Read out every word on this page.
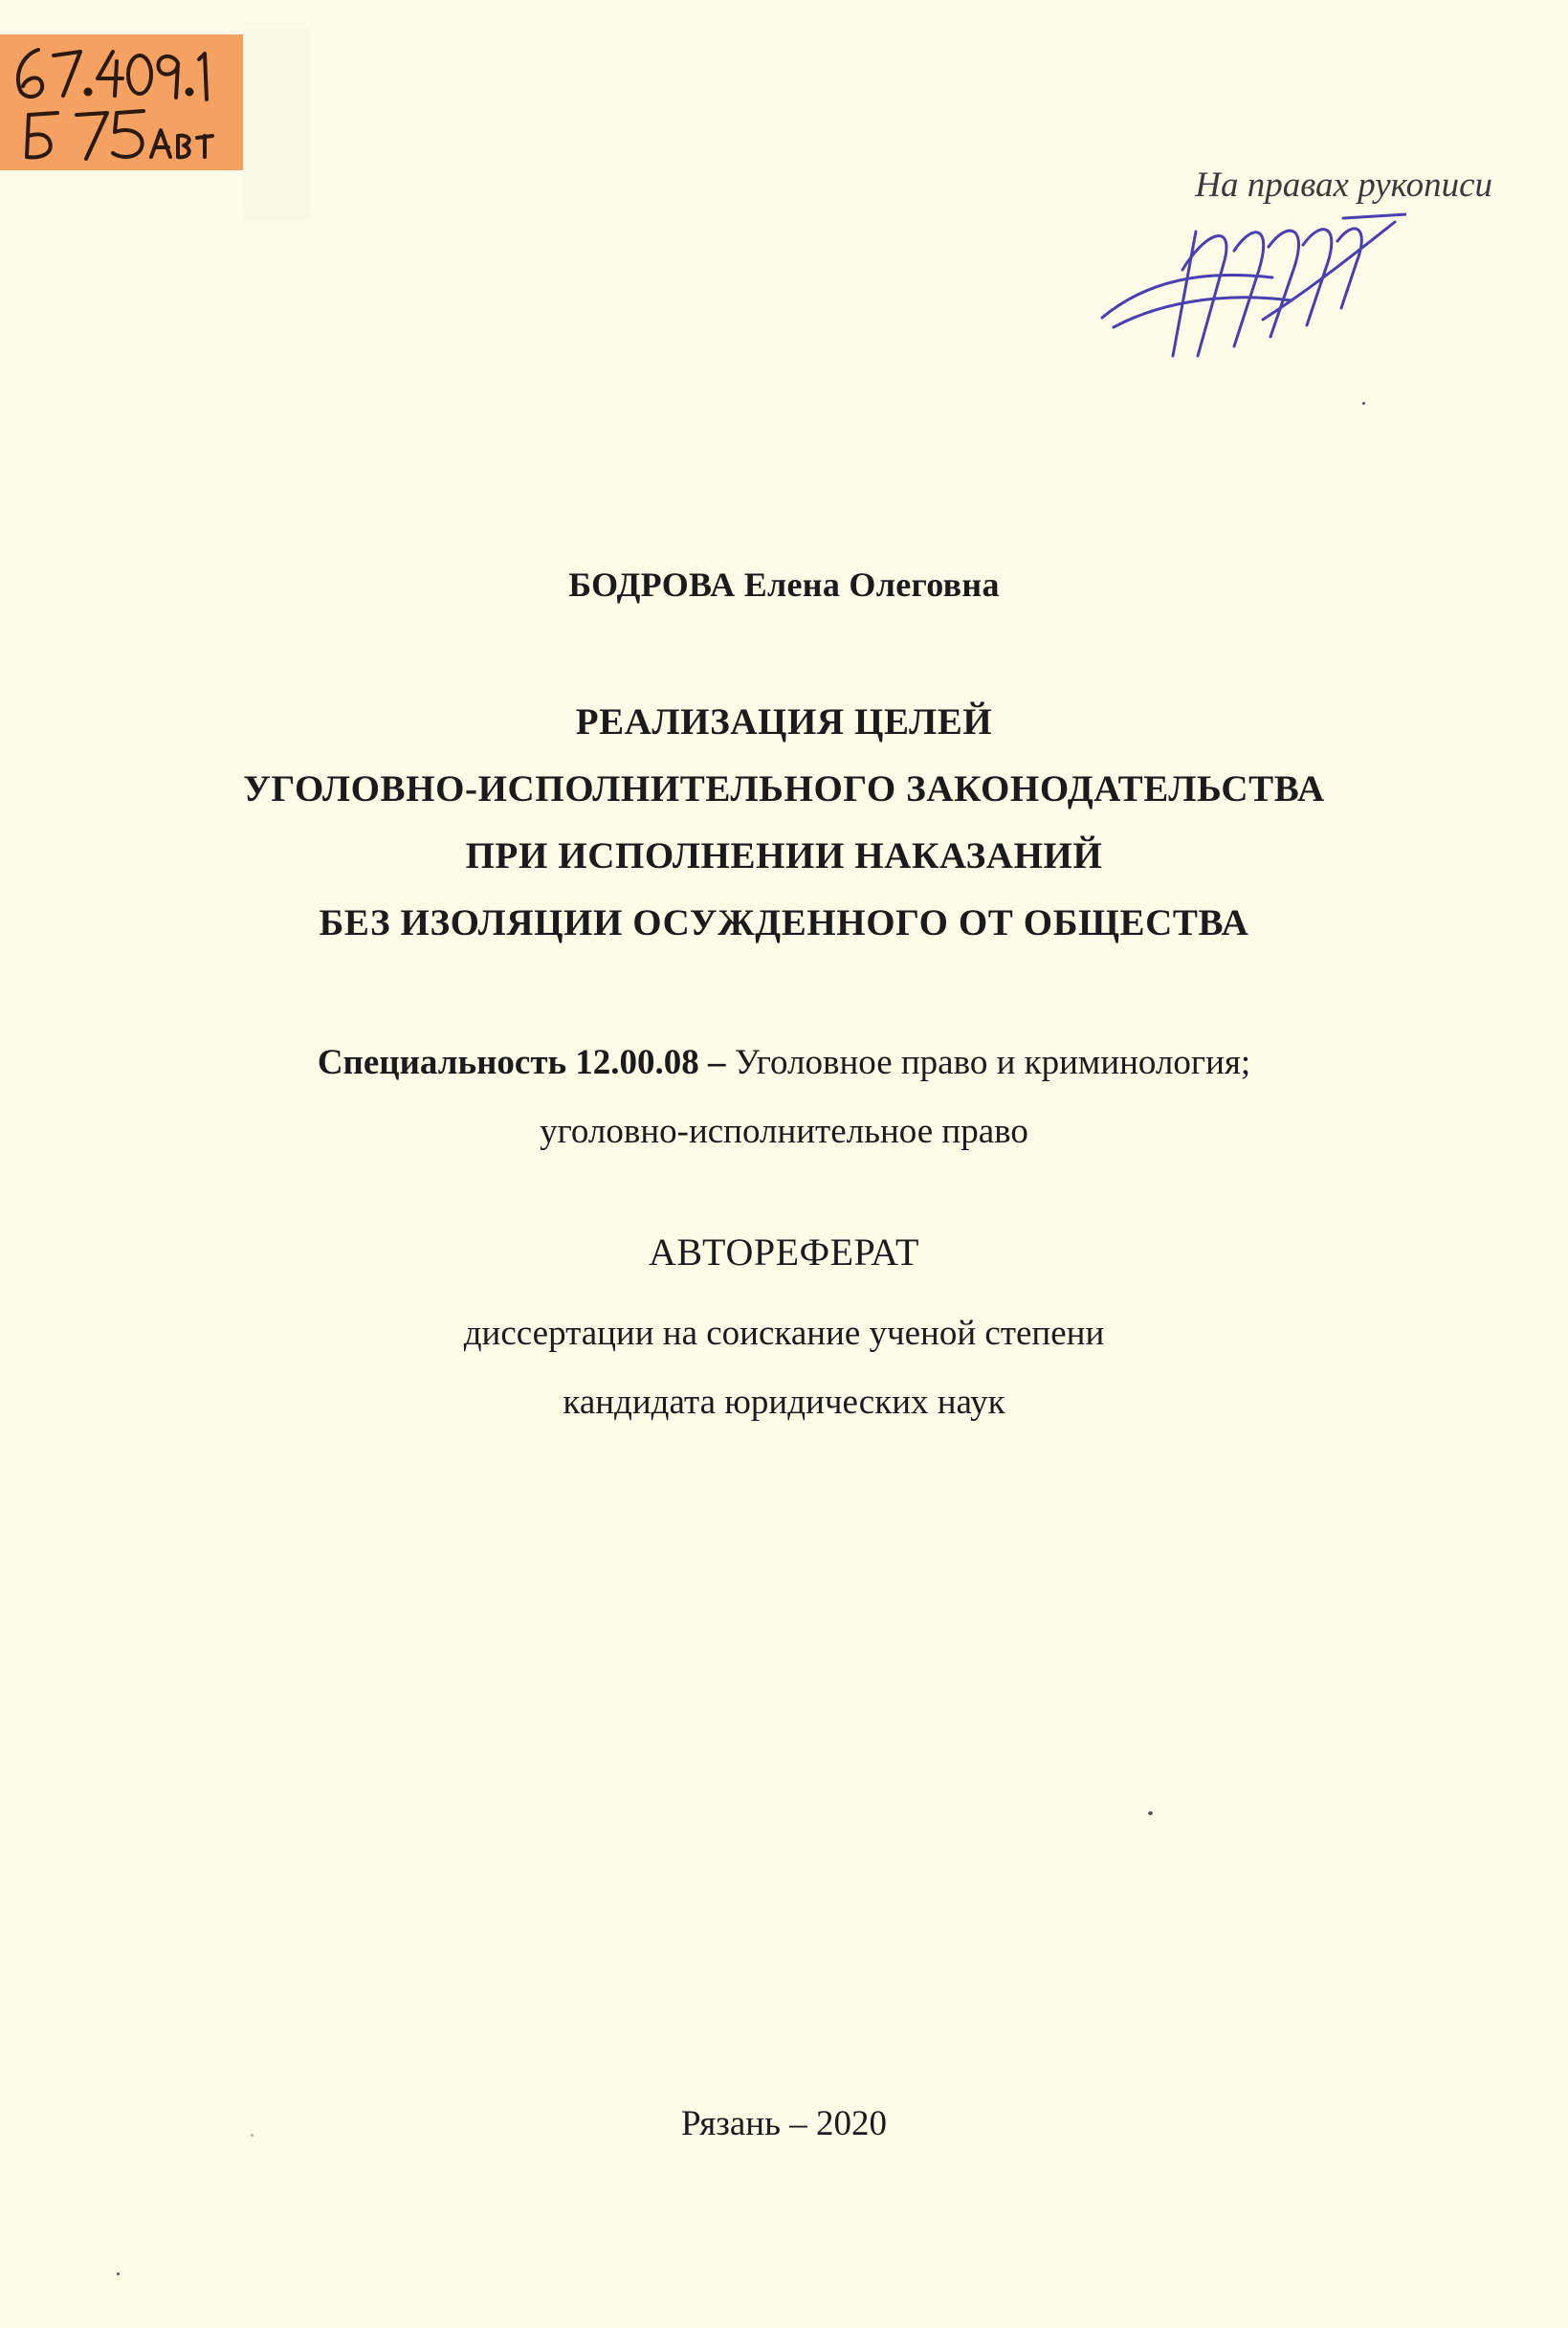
На правах рукописи
БОДРОВА Елена Олеговна
РЕАЛИЗАЦИЯ ЦЕЛЕЙ
УГОЛОВНО-ИСПОЛНИТЕЛЬНОГО ЗАКОНОДАТЕЛЬСТВА
ПРИ ИСПОЛНЕНИИ НАКАЗАНИЙ
БЕЗ ИЗОЛЯЦИИ ОСУЖДЕННОГО ОТ ОБЩЕСТВА
Специальность 12.00.08 – Уголовное право и криминология;
уголовно-исполнительное право
АВТОРЕФЕРАТ
диссертации на соискание ученой степени
кандидата юридических наук
Рязань – 2020
